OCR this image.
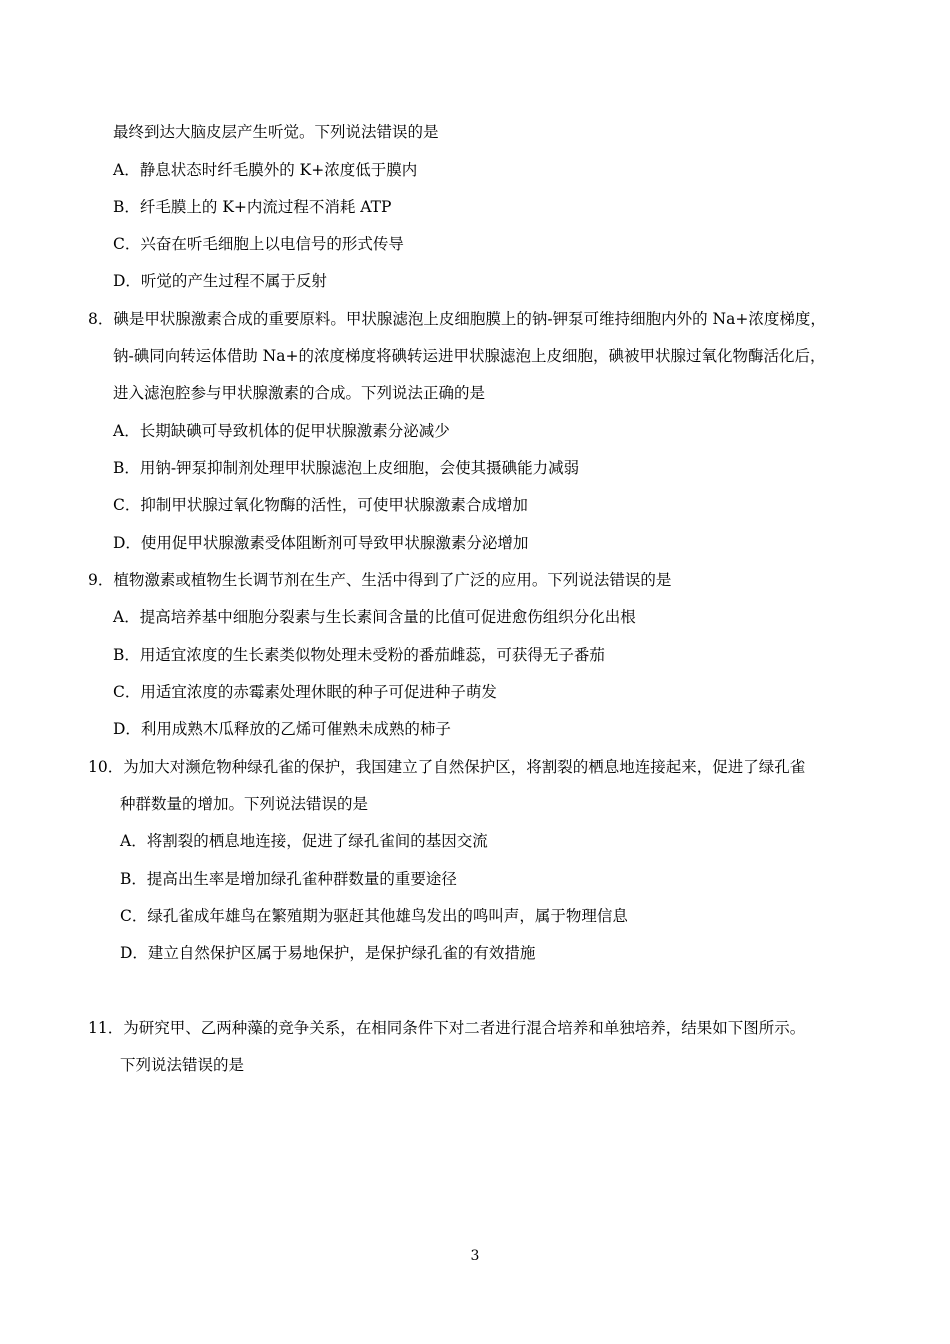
最终到达大脑皮层产生听觉。下列说法错误的是
A．静息状态时纤毛膜外的 K+浓度低于膜内
B．纤毛膜上的 K+内流过程不消耗 ATP
C．兴奋在听毛细胞上以电信号的形式传导
D．听觉的产生过程不属于反射
8．碘是甲状腺激素合成的重要原料。甲状腺滤泡上皮细胞膜上的钠-钾泵可维持细胞内外的 Na+浓度梯度，
钠-碘同向转运体借助 Na+的浓度梯度将碘转运进甲状腺滤泡上皮细胞，碘被甲状腺过氧化物酶活化后，
进入滤泡腔参与甲状腺激素的合成。下列说法正确的是
A．长期缺碘可导致机体的促甲状腺激素分泌减少
B．用钠-钾泵抑制剂处理甲状腺滤泡上皮细胞，会使其摄碘能力减弱
C．抑制甲状腺过氧化物酶的活性，可使甲状腺激素合成增加
D．使用促甲状腺激素受体阻断剂可导致甲状腺激素分泌增加
9．植物激素或植物生长调节剂在生产、生活中得到了广泛的应用。下列说法错误的是
A．提高培养基中细胞分裂素与生长素间含量的比值可促进愈伤组织分化出根
B．用适宜浓度的生长素类似物处理未受粉的番茄雌蕊，可获得无子番茄
C．用适宜浓度的赤霉素处理休眠的种子可促进种子萌发
D．利用成熟木瓜释放的乙烯可催熟未成熟的柿子
10．为加大对濒危物种绿孔雀的保护，我国建立了自然保护区，将割裂的栖息地连接起来，促进了绿孔雀
种群数量的增加。下列说法错误的是
A．将割裂的栖息地连接，促进了绿孔雀间的基因交流
B．提高出生率是增加绿孔雀种群数量的重要途径
C．绿孔雀成年雄鸟在繁殖期为驱赶其他雄鸟发出的鸣叫声，属于物理信息
D．建立自然保护区属于易地保护，是保护绿孔雀的有效措施
11．为研究甲、乙两种藻的竞争关系，在相同条件下对二者进行混合培养和单独培养，结果如下图所示。
下列说法错误的是
3
